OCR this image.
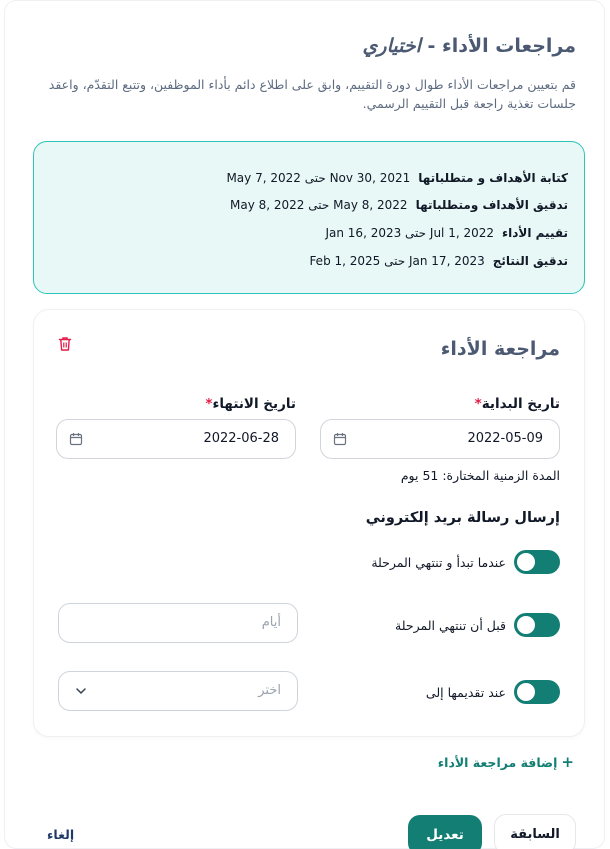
مراجعات الأداء - اختياري
قم بتعيين مراجعات الأداء طوال دورة التقييم، وابق على اطلاع دائم بأداء الموظفين، وتتبع التقدّم، واعقد جلسات تغذية راجعة قبل التقييم الرسمي.
كتابة الأهداف و متطلباتها
Nov 30, 2021 حتى May 7, 2022
تدقيق الأهداف ومتطلباتها
May 8, 2022 حتى May 8, 2022
تقييم الأداء
Jul 1, 2022 حتى Jan 16, 2023
تدقيق النتائج
Jan 17, 2023 حتى Feb 1, 2025
مراجعة الأداء
تاريخ البداية*
تاريخ الانتهاء*
2022-05-09
2022-06-28
المدة الزمنية المختارة: 51 يوم
إرسال رسالة بريد إلكتروني
عندما تبدأ و تنتهي المرحلة
قبل أن تنتهي المرحلة
أيام
عند تقديمها إلى
اختر
+
إضافة مراجعة الأداء
السابقة
تعديل
إلغاء
